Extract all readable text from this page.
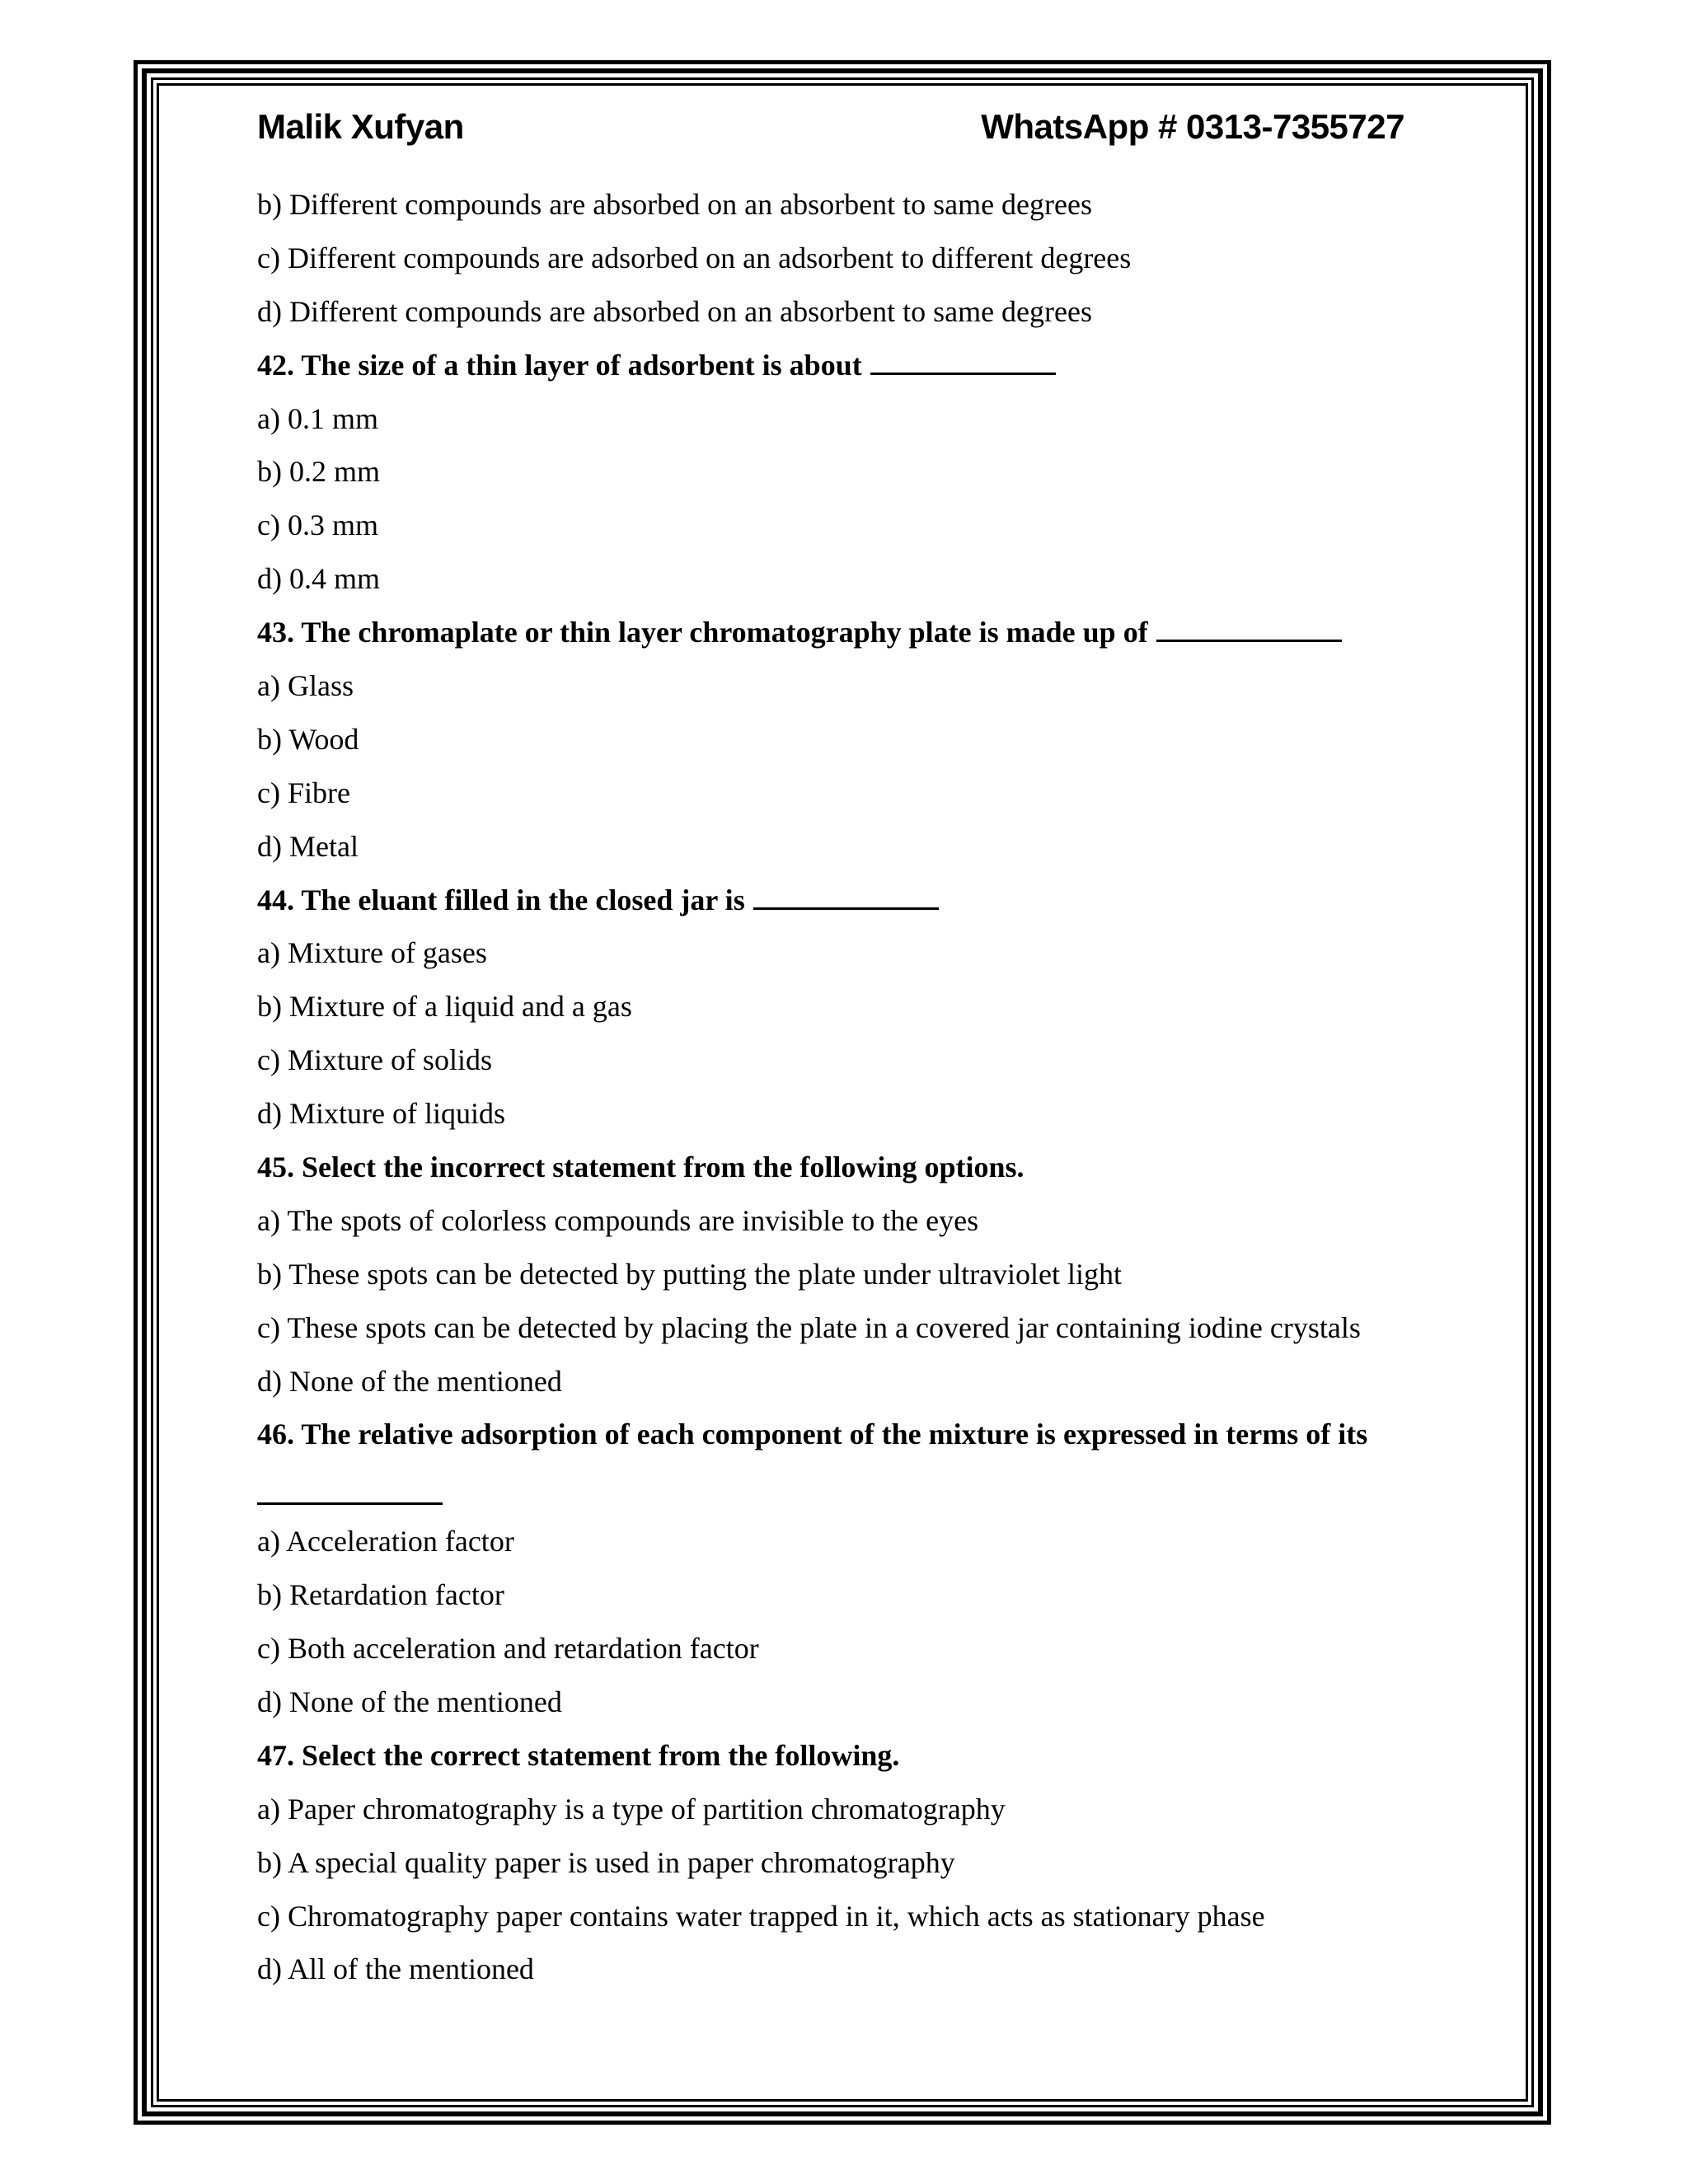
Malik Xufyan	WhatsApp # 0313-7355727
b) Different compounds are absorbed on an absorbent to same degrees
c) Different compounds are adsorbed on an adsorbent to different degrees
d) Different compounds are absorbed on an absorbent to same degrees
42. The size of a thin layer of adsorbent is about
a) 0.1 mm
b) 0.2 mm
c) 0.3 mm
d) 0.4 mm
43. The chromaplate or thin layer chromatography plate is made up of
a) Glass
b) Wood
c) Fibre
d) Metal
44. The eluant filled in the closed jar is
a) Mixture of gases
b) Mixture of a liquid and a gas
c) Mixture of solids
d) Mixture of liquids
45. Select the incorrect statement from the following options.
a) The spots of colorless compounds are invisible to the eyes
b) These spots can be detected by putting the plate under ultraviolet light
c) These spots can be detected by placing the plate in a covered jar containing iodine crystals
d) None of the mentioned
46. The relative adsorption of each component of the mixture is expressed in terms of its
a) Acceleration factor
b) Retardation factor
c) Both acceleration and retardation factor
d) None of the mentioned
47. Select the correct statement from the following.
a) Paper chromatography is a type of partition chromatography
b) A special quality paper is used in paper chromatography
c) Chromatography paper contains water trapped in it, which acts as stationary phase
d) All of the mentioned
